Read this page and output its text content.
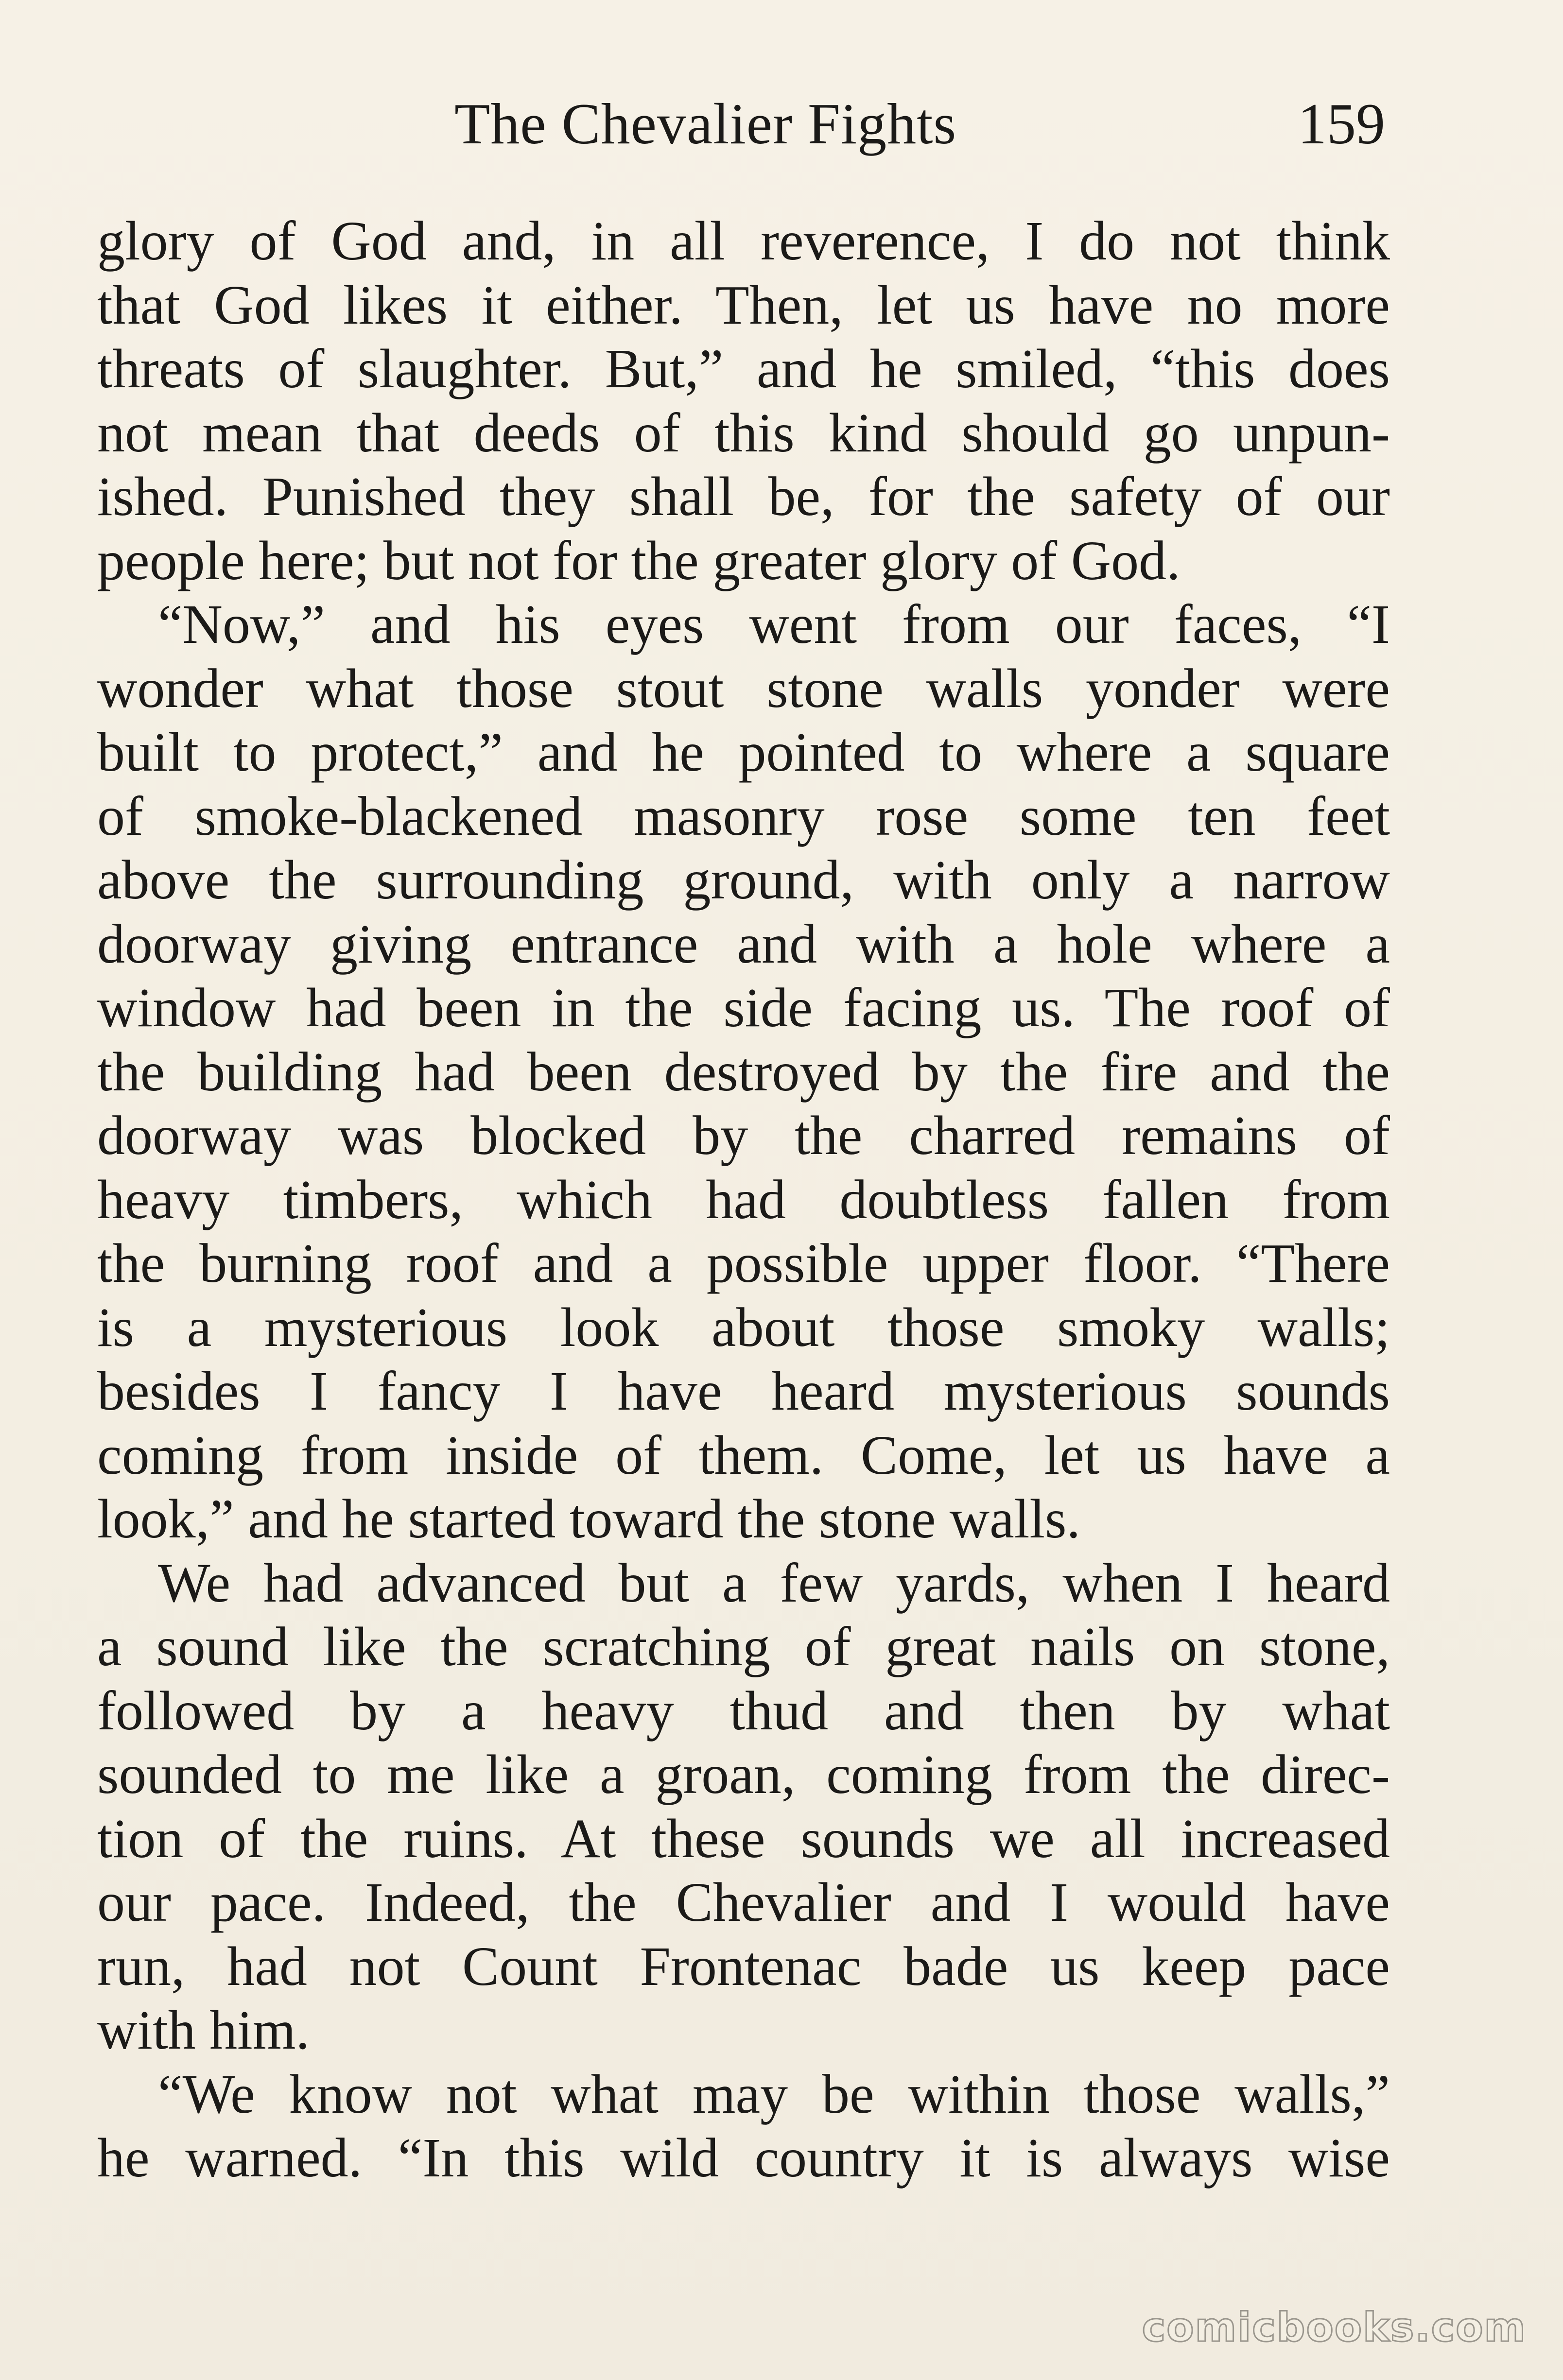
The Chevalier Fights	159
glory of God and, in all reverence, I do not think
that God likes it either. Then, let us have no more
threats of slaughter. But,” and he smiled, “this does
not mean that deeds of this kind should go unpun-
ished. Punished they shall be, for the safety of our
people here; but not for the greater glory of God.
“Now,” and his eyes went from our faces, “I
wonder what those stout stone walls yonder were
built to protect,” and he pointed to where a square
of smoke-blackened masonry rose some ten feet
above the surrounding ground, with only a narrow
doorway giving entrance and with a hole where a
window had been in the side facing us. The roof of
the building had been destroyed by the fire and the
doorway was blocked by the charred remains of
heavy timbers, which had doubtless fallen from
the burning roof and a possible upper floor. “There
is a mysterious look about those smoky walls;
besides I fancy I have heard mysterious sounds
coming from inside of them. Come, let us have a
look,” and he started toward the stone walls.
We had advanced but a few yards, when I heard
a sound like the scratching of great nails on stone,
followed by a heavy thud and then by what
sounded to me like a groan, coming from the direc-
tion of the ruins. At these sounds we all increased
our pace. Indeed, the Chevalier and I would have
run, had not Count Frontenac bade us keep pace
with him.
“We know not what may be within those walls,”
he warned. “In this wild country it is always wise
comicbooks.com
